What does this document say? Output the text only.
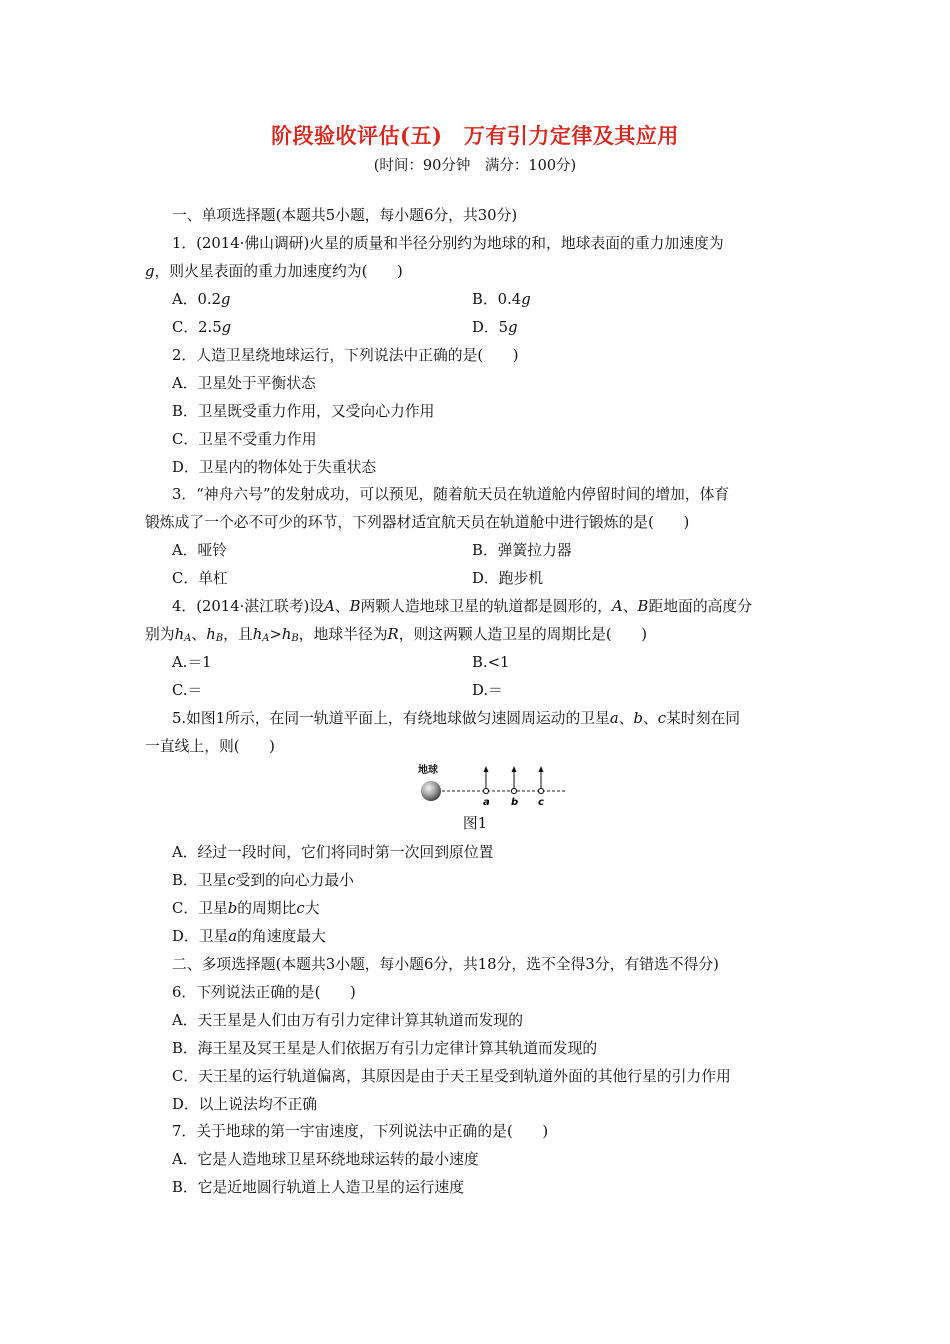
阶段验收评估(五)　万有引力定律及其应用
(时间：90分钟　满分：100分)
一、单项选择题(本题共5小题，每小题6分，共30分)
1．(2014·佛山调研)火星的质量和半径分别约为地球的和，地球表面的重力加速度为
g，则火星表面的重力加速度约为(　　)
A．0.2g	B．0.4g
C．2.5g	D．5g
2．人造卫星绕地球运行，下列说法中正确的是(　　)
A．卫星处于平衡状态
B．卫星既受重力作用，又受向心力作用
C．卫星不受重力作用
D．卫星内的物体处于失重状态
3．“神舟六号”的发射成功，可以预见，随着航天员在轨道舱内停留时间的增加，体育
锻炼成了一个必不可少的环节，下列器材适宜航天员在轨道舱中进行锻炼的是(　　)
A．哑铃	B．弹簧拉力器
C．单杠	D．跑步机
4．(2014·湛江联考)设A、B两颗人造地球卫星的轨道都是圆形的，A、B距地面的高度分
别为$h_A$、$h_B$，且$h_A>h_B$，地球半径为R，则这两颗人造卫星的周期比是(　　)
A.＝1	B.<1
C.＝	D.＝
5.如图1所示，在同一轨道平面上，有绕地球做匀速圆周运动的卫星a、b、c某时刻在同
一直线上，则(　　)
地球
a b c
图1
A．经过一段时间，它们将同时第一次回到原位置
B．卫星c受到的向心力最小
C．卫星b的周期比c大
D．卫星a的角速度最大
二、多项选择题(本题共3小题，每小题6分，共18分，选不全得3分，有错选不得分)
6．下列说法正确的是(　　)
A．天王星是人们由万有引力定律计算其轨道而发现的
B．海王星及冥王星是人们依据万有引力定律计算其轨道而发现的
C．天王星的运行轨道偏离，其原因是由于天王星受到轨道外面的其他行星的引力作用
D．以上说法均不正确
7．关于地球的第一宇宙速度，下列说法中正确的是(　　)
A．它是人造地球卫星环绕地球运转的最小速度
B．它是近地圆行轨道上人造卫星的运行速度
